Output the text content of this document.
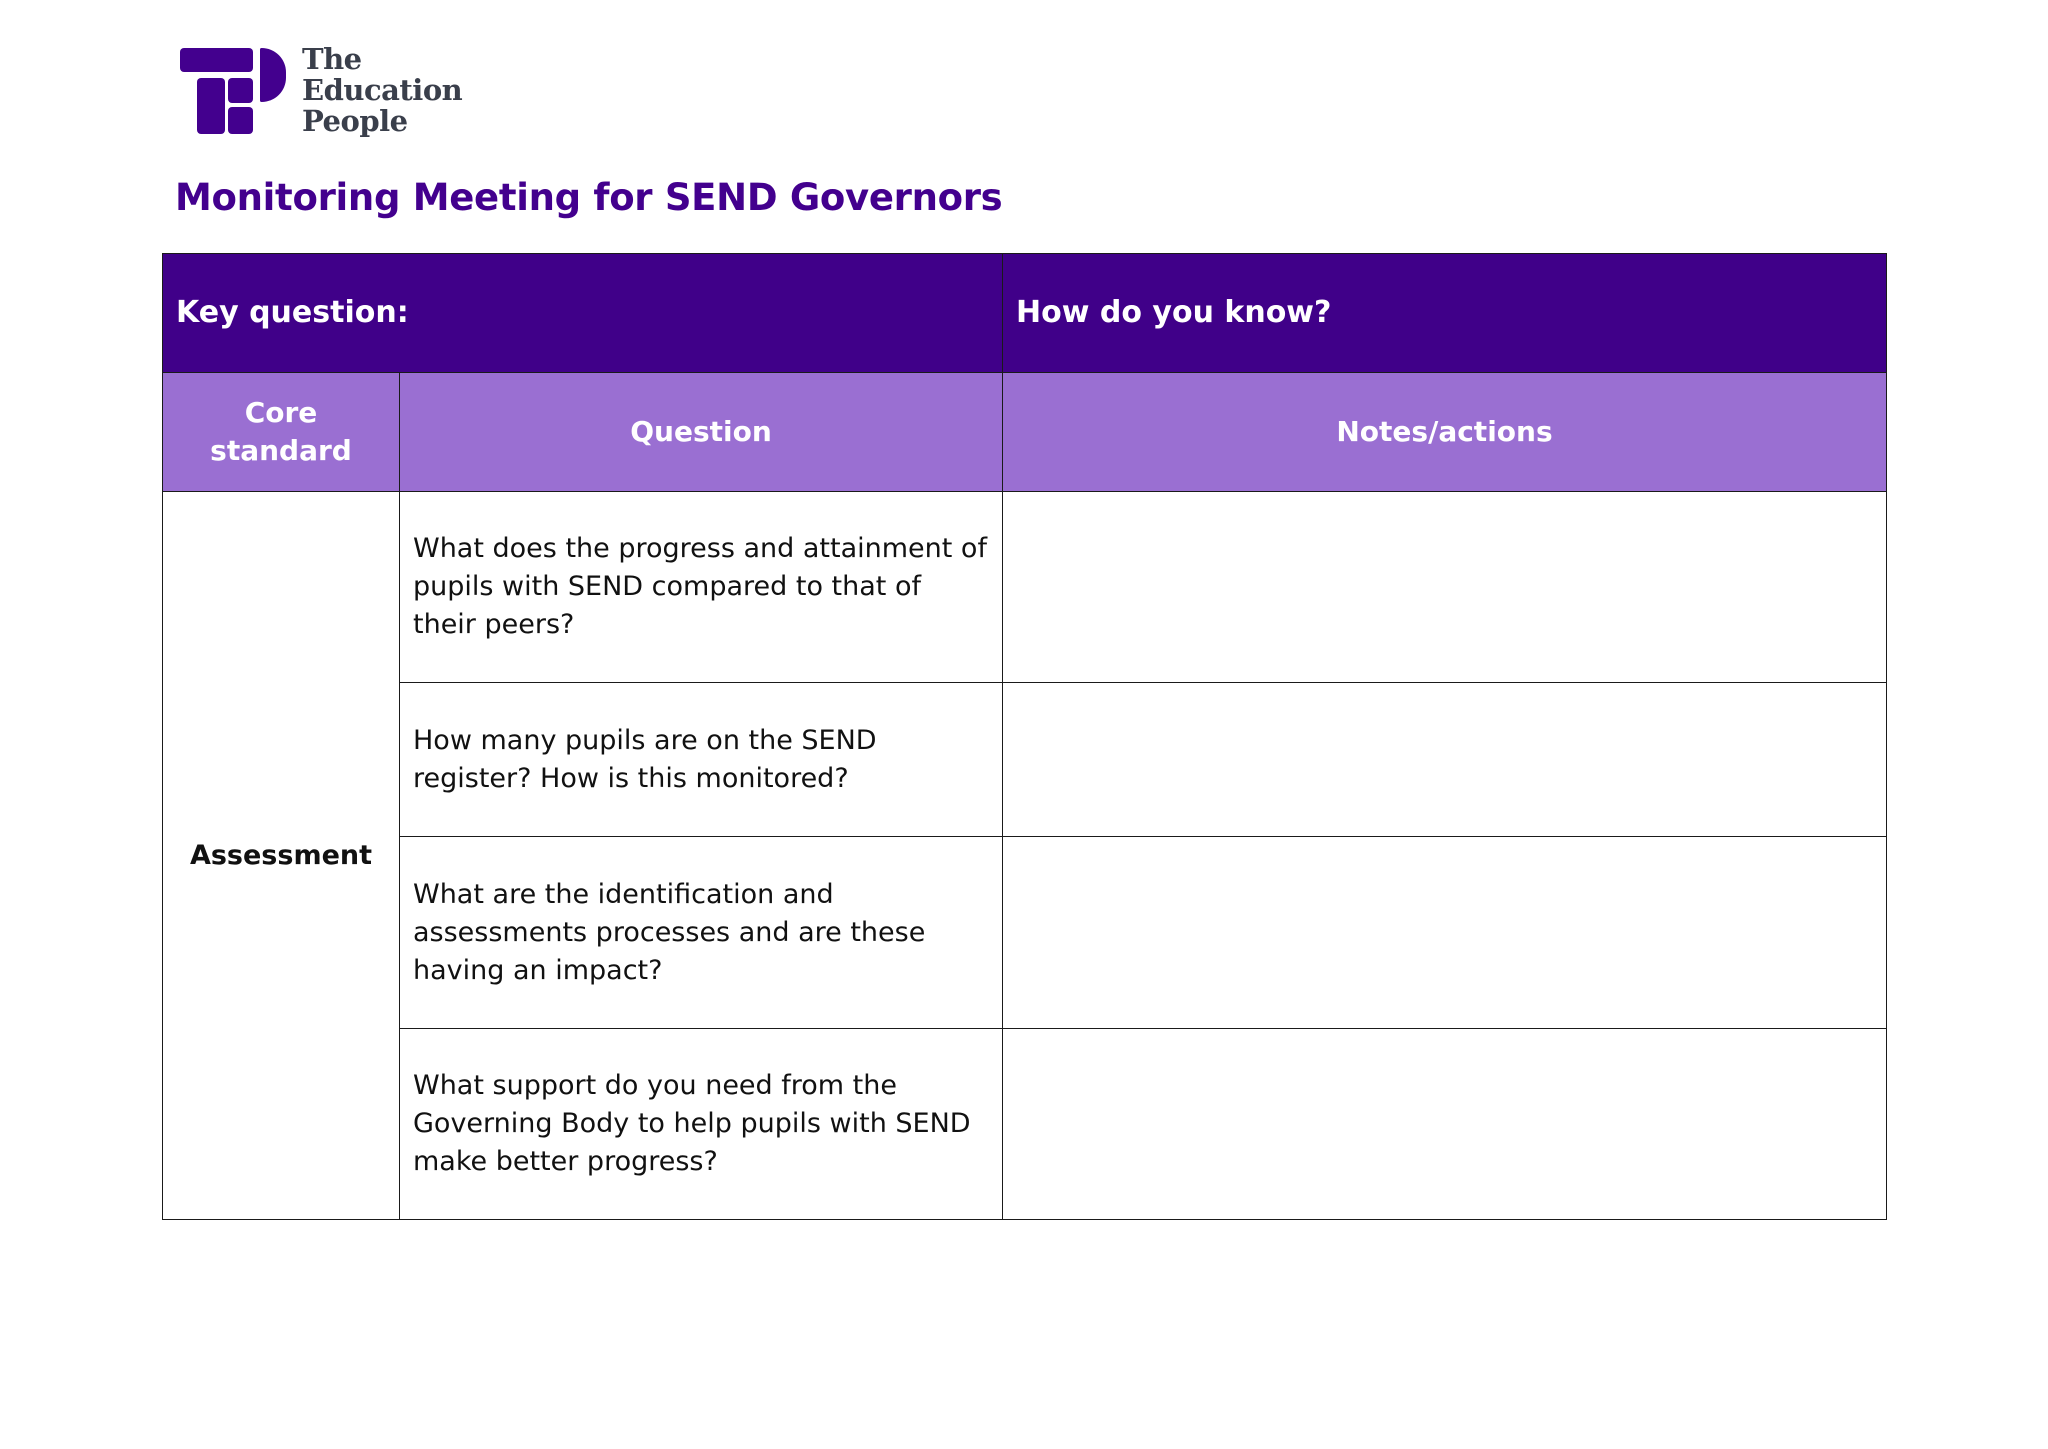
The
Education
People
Monitoring Meeting for SEND Governors
Key question:		How do you know?
Core standard	Question	Notes/actions
Assessment	What does the progress and attainment of pupils with SEND compared to that of their peers?	
	How many pupils are on the SEND register? How is this monitored?	
	What are the identification and assessments processes and are these having an impact?	
	What support do you need from the Governing Body to help pupils with SEND make better progress?	
